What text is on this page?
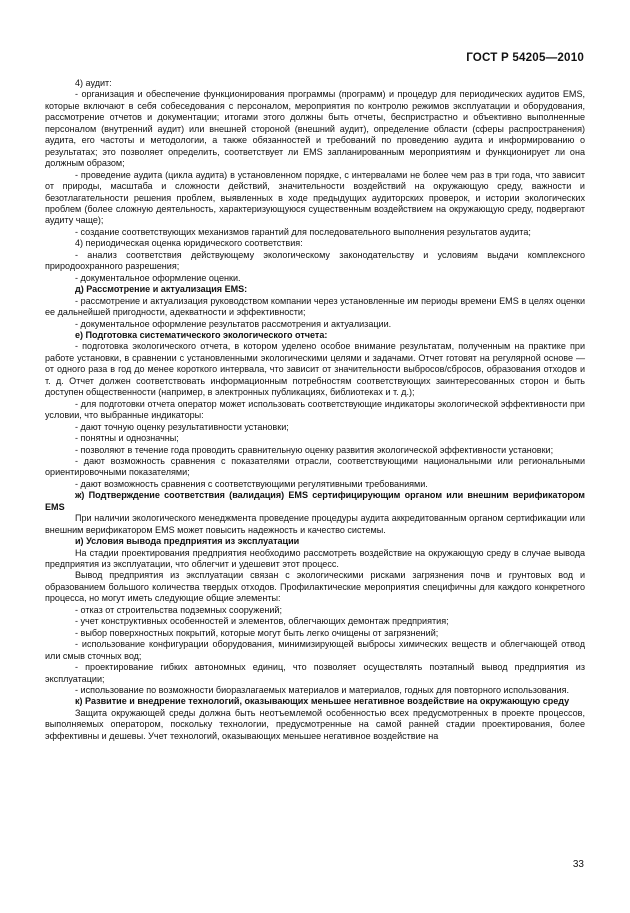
ГОСТ Р 54205—2010

4) аудит:

- организация и обеспечение функционирования программы (программ) и процедур для периодических аудитов EMS, которые включают в себя собеседования с персоналом, мероприятия по контролю режимов эксплуатации и оборудования, рассмотрение отчетов и документации; итогами этого должны быть отчеты, беспристрастно и объективно выполненные персоналом (внутренний аудит) или внешней стороной (внешний аудит), определение области (сферы распространения) аудита, его частоты и методологии, а также обязанностей и требований по проведению аудита и информированию о результатах; это позволяет определить, соответствует ли EMS запланированным мероприятиям и функционирует ли она должным образом;

- проведение аудита (цикла аудита) в установленном порядке, с интервалами не более чем раз в три года, что зависит от природы, масштаба и сложности действий, значительности воздействий на окружающую среду, важности и безотлагательности решения проблем, выявленных в ходе предыдущих аудиторских проверок, и истории экологических проблем (более сложную деятельность, характеризующуюся существенным воздействием на окружающую среду, подвергают аудиту чаще);

- создание соответствующих механизмов гарантий для последовательного выполнения результатов аудита;

4) периодическая оценка юридического соответствия:

- анализ соответствия действующему экологическому законодательству и условиям выдачи комплексного природоохранного разрешения;

- документальное оформление оценки.

д) Рассмотрение и актуализация EMS:

- рассмотрение и актуализация руководством компании через установленные им периоды времени EMS в целях оценки ее дальнейшей пригодности, адекватности и эффективности;

- документальное оформление результатов рассмотрения и актуализации.

е) Подготовка систематического экологического отчета:

- подготовка экологического отчета, в котором уделено особое внимание результатам, полученным на практике при работе установки, в сравнении с установленными экологическими целями и задачами. Отчет готовят на регулярной основе — от одного раза в год до менее короткого интервала, что зависит от значительности выбросов/сбросов, образования отходов и т. д. Отчет должен соответствовать информационным потребностям соответствующих заинтересованных сторон и быть доступен общественности (например, в электронных публикациях, библиотеках и т. д.);

- для подготовки отчета оператор может использовать соответствующие индикаторы экологической эффективности при условии, что выбранные индикаторы:

- дают точную оценку результативности установки;

- понятны и однозначны;

- позволяют в течение года проводить сравнительную оценку развития экологической эффективности установки;

- дают возможность сравнения с показателями отрасли, соответствующими национальными или региональными ориентировочными показателями;

- дают возможность сравнения с соответствующими регулятивными требованиями.

ж) Подтверждение соответствия (валидация) EMS сертифицирующим органом или внешним верификатором EMS

При наличии экологического менеджмента проведение процедуры аудита аккредитованным органом сертификации или внешним верификатором EMS может повысить надежность и качество системы.

и) Условия вывода предприятия из эксплуатации

На стадии проектирования предприятия необходимо рассмотреть воздействие на окружающую среду в случае вывода предприятия из эксплуатации, что облегчит и удешевит этот процесс.

Вывод предприятия из эксплуатации связан с экологическими рисками загрязнения почв и грунтовых вод и образованием большого количества твердых отходов. Профилактические мероприятия специфичны для каждого конкретного процесса, но могут иметь следующие общие элементы:

- отказ от строительства подземных сооружений;

- учет конструктивных особенностей и элементов, облегчающих демонтаж предприятия;

- выбор поверхностных покрытий, которые могут быть легко очищены от загрязнений;

- использование конфигурации оборудования, минимизирующей выбросы химических веществ и облегчающей отвод или смыв сточных вод;

- проектирование гибких автономных единиц, что позволяет осуществлять поэтапный вывод предприятия из эксплуатации;

- использование по возможности биоразлагаемых материалов и материалов, годных для повторного использования.

к) Развитие и внедрение технологий, оказывающих меньшее негативное воздействие на окружающую среду

Защита окружающей среды должна быть неотъемлемой особенностью всех предусмотренных в проекте процессов, выполняемых оператором, поскольку технологии, предусмотренные на самой ранней стадии проектирования, более эффективны и дешевы. Учет технологий, оказывающих меньшее негативное воздействие на

33
